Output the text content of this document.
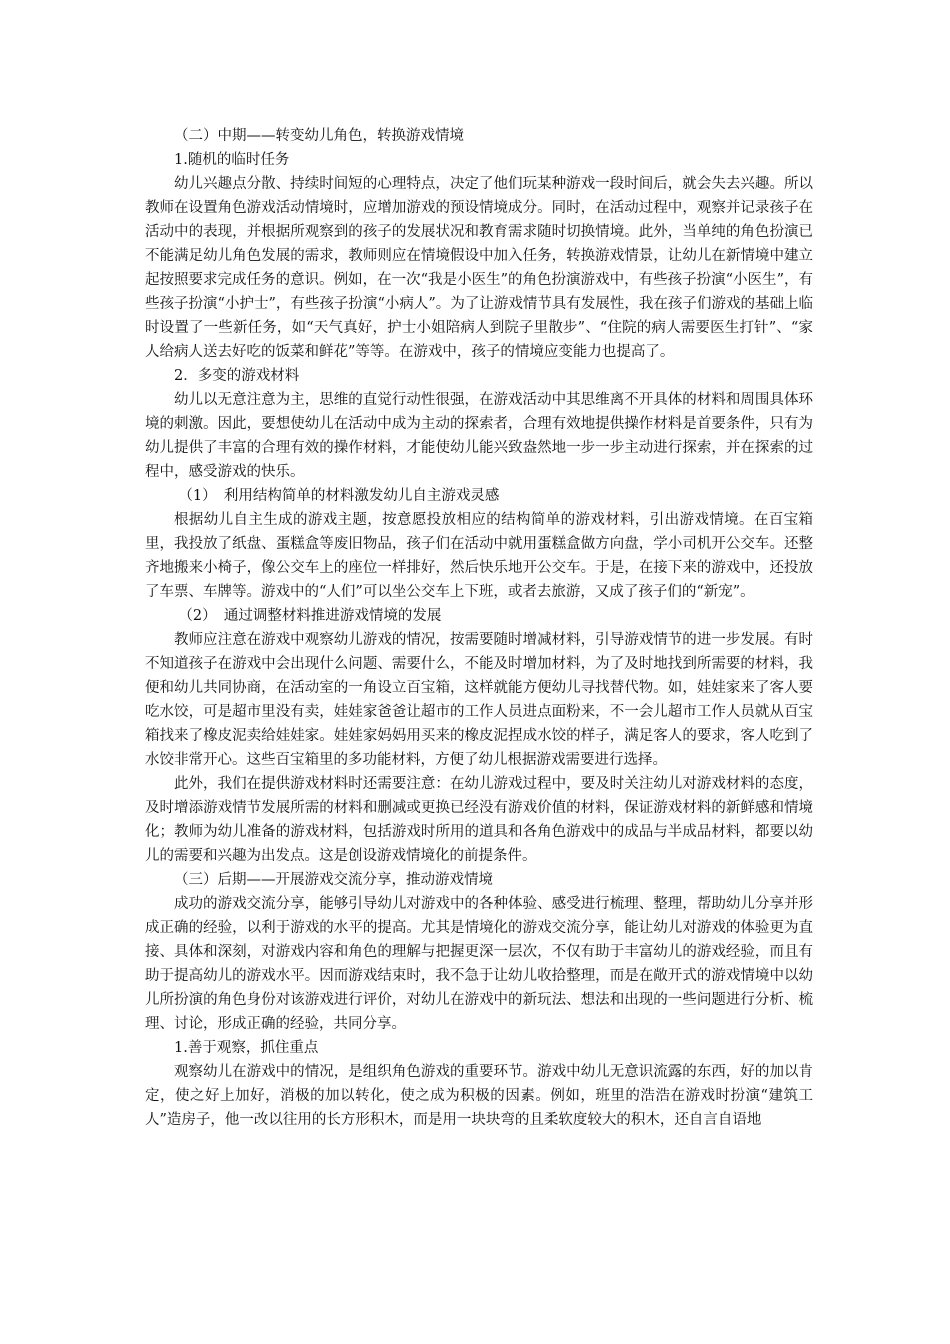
（二）中期——转变幼儿角色，转换游戏情境

1.随机的临时任务

幼儿兴趣点分散、持续时间短的心理特点，决定了他们玩某种游戏一段时间后，就会失去兴趣。所以教师在设置角色游戏活动情境时，应增加游戏的预设情境成分。同时，在活动过程中，观察并记录孩子在活动中的表现，并根据所观察到的孩子的发展状况和教育需求随时切换情境。此外，当单纯的角色扮演已不能满足幼儿角色发展的需求，教师则应在情境假设中加入任务，转换游戏情景，让幼儿在新情境中建立起按照要求完成任务的意识。例如，在一次“我是小医生”的角色扮演游戏中，有些孩子扮演“小医生”，有些孩子扮演“小护士”，有些孩子扮演“小病人”。为了让游戏情节具有发展性，我在孩子们游戏的基础上临时设置了一些新任务，如“天气真好，护士小姐陪病人到院子里散步”、“住院的病人需要医生打针”、“家人给病人送去好吃的饭菜和鲜花”等等。在游戏中，孩子的情境应变能力也提高了。

2．多变的游戏材料

幼儿以无意注意为主，思维的直觉行动性很强，在游戏活动中其思维离不开具体的材料和周围具体环境的刺激。因此，要想使幼儿在活动中成为主动的探索者，合理有效地提供操作材料是首要条件，只有为幼儿提供了丰富的合理有效的操作材料，才能使幼儿能兴致盎然地一步一步主动进行探索，并在探索的过程中，感受游戏的快乐。

（1）　利用结构简单的材料激发幼儿自主游戏灵感

根据幼儿自主生成的游戏主题，按意愿投放相应的结构简单的游戏材料，引出游戏情境。在百宝箱里，我投放了纸盘、蛋糕盒等废旧物品，孩子们在活动中就用蛋糕盒做方向盘，学小司机开公交车。还整齐地搬来小椅子，像公交车上的座位一样排好，然后快乐地开公交车。于是，在接下来的游戏中，还投放了车票、车牌等。游戏中的“人们”可以坐公交车上下班，或者去旅游，又成了孩子们的“新宠”。

（2）　通过调整材料推进游戏情境的发展

教师应注意在游戏中观察幼儿游戏的情况，按需要随时增减材料，引导游戏情节的进一步发展。有时不知道孩子在游戏中会出现什么问题、需要什么，不能及时增加材料，为了及时地找到所需要的材料，我便和幼儿共同协商，在活动室的一角设立百宝箱，这样就能方便幼儿寻找替代物。如，娃娃家来了客人要吃水饺，可是超市里没有卖，娃娃家爸爸让超市的工作人员进点面粉来，不一会儿超市工作人员就从百宝箱找来了橡皮泥卖给娃娃家。娃娃家妈妈用买来的橡皮泥捏成水饺的样子，满足客人的要求，客人吃到了水饺非常开心。这些百宝箱里的多功能材料，方便了幼儿根据游戏需要进行选择。

此外，我们在提供游戏材料时还需要注意：在幼儿游戏过程中，要及时关注幼儿对游戏材料的态度，及时增添游戏情节发展所需的材料和删减或更换已经没有游戏价值的材料，保证游戏材料的新鲜感和情境化；教师为幼儿准备的游戏材料，包括游戏时所用的道具和各角色游戏中的成品与半成品材料，都要以幼儿的需要和兴趣为出发点。这是创设游戏情境化的前提条件。

（三）后期——开展游戏交流分享，推动游戏情境

成功的游戏交流分享，能够引导幼儿对游戏中的各种体验、感受进行梳理、整理，帮助幼儿分享并形成正确的经验，以利于游戏的水平的提高。尤其是情境化的游戏交流分享，能让幼儿对游戏的体验更为直接、具体和深刻，对游戏内容和角色的理解与把握更深一层次，不仅有助于丰富幼儿的游戏经验，而且有助于提高幼儿的游戏水平。因而游戏结束时，我不急于让幼儿收拾整理，而是在敞开式的游戏情境中以幼儿所扮演的角色身份对该游戏进行评价，对幼儿在游戏中的新玩法、想法和出现的一些问题进行分析、梳理、讨论，形成正确的经验，共同分享。

1.善于观察，抓住重点

观察幼儿在游戏中的情况，是组织角色游戏的重要环节。游戏中幼儿无意识流露的东西，好的加以肯定，使之好上加好，消极的加以转化，使之成为积极的因素。例如，班里的浩浩在游戏时扮演“建筑工人”造房子，他一改以往用的长方形积木，而是用一块块弯的且柔软度较大的积木，还自言自语地
